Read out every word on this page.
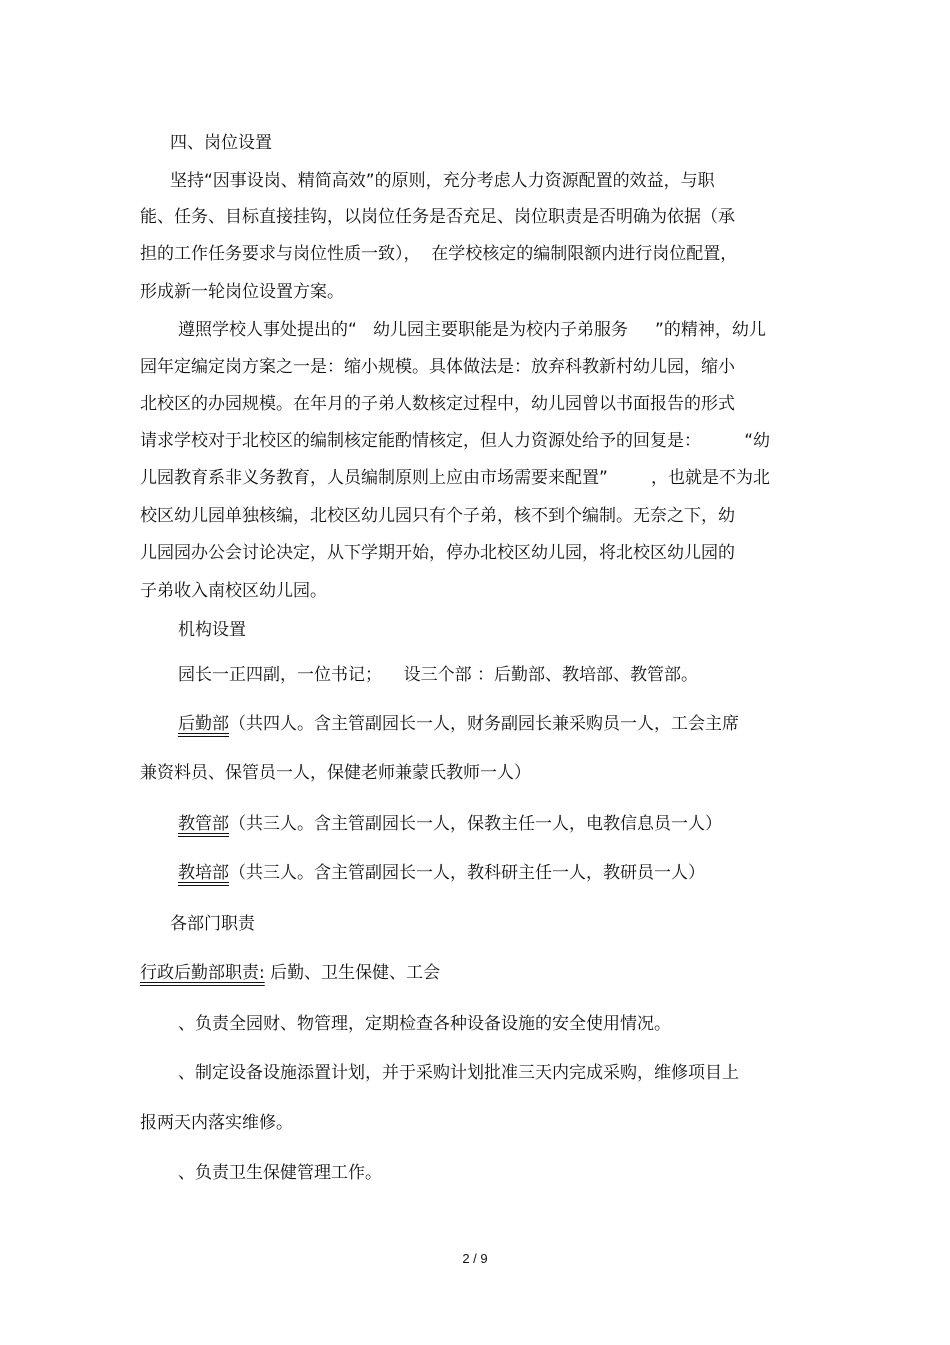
四、岗位设置
坚持“因事设岗、精简高效”的原则，充分考虑人力资源配置的效益，与职
能、任务、目标直接挂钩，以岗位任务是否充足、岗位职责是否明确为依据（承
担的工作任务要求与岗位性质一致），  在学校核定的编制限额内进行岗位配置，
形成新一轮岗位设置方案。
遵照学校人事处提出的“   幼儿园主要职能是为校内子弟服务     ”的精神，幼儿
园年定编定岗方案之一是：缩小规模。具体做法是：放弃科教新村幼儿园，缩小
北校区的办园规模。在年月的子弟人数核定过程中，幼儿园曾以书面报告的形式
请求学校对于北校区的编制核定能酌情核定，但人力资源处给予的回复是：        “幼
儿园教育系非义务教育，人员编制原则上应由市场需要来配置”        ，也就是不为北
校区幼儿园单独核编，北校区幼儿园只有个子弟，核不到个编制。无奈之下，幼
儿园园办公会讨论决定，从下学期开始，停办北校区幼儿园，将北校区幼儿园的
子弟收入南校区幼儿园。
机构设置
园长一正四副，一位书记；    设三个部 ：后勤部、教培部、教管部。
后勤部（共四人。含主管副园长一人，财务副园长兼采购员一人，工会主席
兼资料员、保管员一人，保健老师兼蒙氏教师一人）
教管部（共三人。含主管副园长一人，保教主任一人，电教信息员一人）
教培部（共三人。含主管副园长一人，教科研主任一人，教研员一人）
各部门职责
行政后勤部职责: 后勤、卫生保健、工会
、负责全园财、物管理，定期检查各种设备设施的安全使用情况。
、制定设备设施添置计划，并于采购计划批准三天内完成采购，维修项目上
报两天内落实维修。
、负责卫生保健管理工作。
2 / 9
